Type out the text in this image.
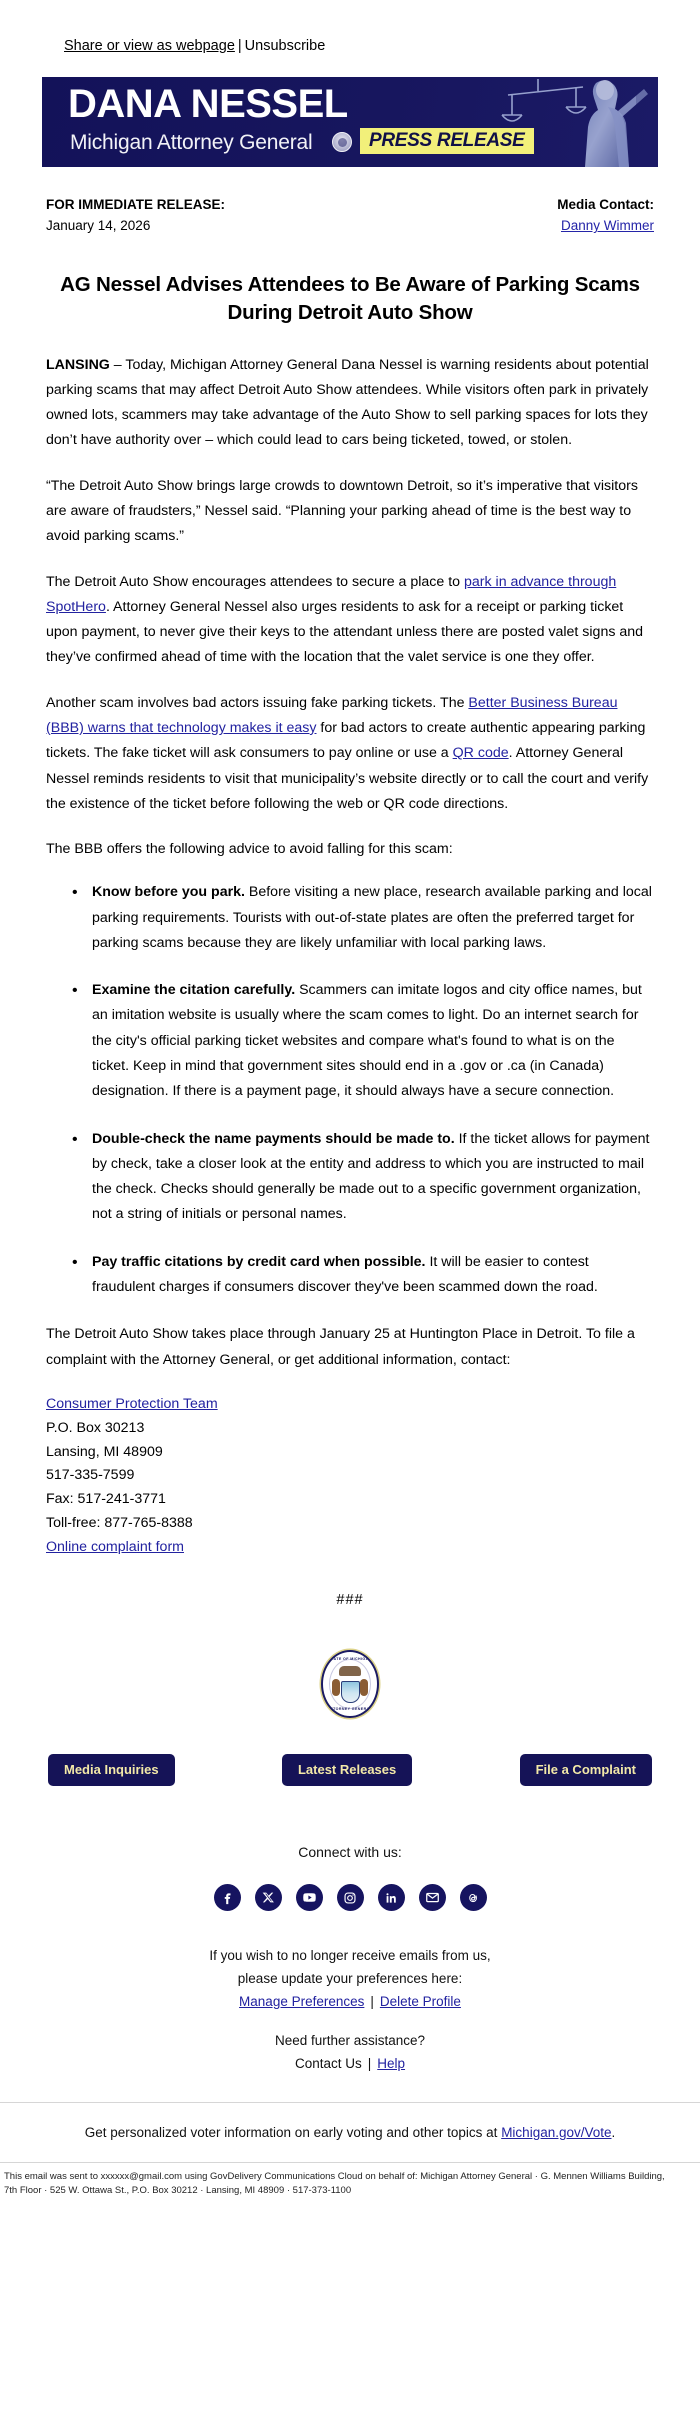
Share or view as webpage | Unsubscribe
DANA NESSEL
Michigan Attorney General	PRESS RELEASE
FOR IMMEDIATE RELEASE:
January 14, 2026
Media Contact:
Danny Wimmer
AG Nessel Advises Attendees to Be Aware of Parking Scams During Detroit Auto Show

LANSING – Today, Michigan Attorney General Dana Nessel is warning residents about potential parking scams that may affect Detroit Auto Show attendees. While visitors often park in privately owned lots, scammers may take advantage of the Auto Show to sell parking spaces for lots they don’t have authority over – which could lead to cars being ticketed, towed, or stolen.

“The Detroit Auto Show brings large crowds to downtown Detroit, so it’s imperative that visitors are aware of fraudsters,” Nessel said. “Planning your parking ahead of time is the best way to avoid parking scams.”

The Detroit Auto Show encourages attendees to secure a place to park in advance through SpotHero. Attorney General Nessel also urges residents to ask for a receipt or parking ticket upon payment, to never give their keys to the attendant unless there are posted valet signs and they’ve confirmed ahead of time with the location that the valet service is one they offer.

Another scam involves bad actors issuing fake parking tickets. The Better Business Bureau (BBB) warns that technology makes it easy for bad actors to create authentic appearing parking tickets. The fake ticket will ask consumers to pay online or use a QR code. Attorney General Nessel reminds residents to visit that municipality’s website directly or to call the court and verify the existence of the ticket before following the web or QR code directions.

The BBB offers the following advice to avoid falling for this scam:

• Know before you park. Before visiting a new place, research available parking and local parking requirements. Tourists with out-of-state plates are often the preferred target for parking scams because they are likely unfamiliar with local parking laws.
• Examine the citation carefully. Scammers can imitate logos and city office names, but an imitation website is usually where the scam comes to light. Do an internet search for the city's official parking ticket websites and compare what's found to what is on the ticket. Keep in mind that government sites should end in a .gov or .ca (in Canada) designation. If there is a payment page, it should always have a secure connection.
• Double-check the name payments should be made to. If the ticket allows for payment by check, take a closer look at the entity and address to which you are instructed to mail the check. Checks should generally be made out to a specific government organization, not a string of initials or personal names.
• Pay traffic citations by credit card when possible. It will be easier to contest fraudulent charges if consumers discover they've been scammed down the road.

The Detroit Auto Show takes place through January 25 at Huntington Place in Detroit. To file a complaint with the Attorney General, or get additional information, contact:

Consumer Protection Team
P.O. Box 30213
Lansing, MI 48909
517-335-7599
Fax: 517-241-3771
Toll-free: 877-765-8388
Online complaint form
###
STATE OF MICHIGAN
ATTORNEY GENERAL
Media Inquiries	Latest Releases	File a Complaint
Connect with us:
If you wish to no longer receive emails from us,
please update your preferences here:
Manage Preferences | Delete Profile
Need further assistance?
Contact Us | Help
Get personalized voter information on early voting and other topics at Michigan.gov/Vote.
This email was sent to xxxxxx@gmail.com using GovDelivery Communications Cloud on behalf of: Michigan Attorney General · G. Mennen Williams Building,
7th Floor · 525 W. Ottawa St., P.O. Box 30212 · Lansing, MI 48909 · 517-373-1100
